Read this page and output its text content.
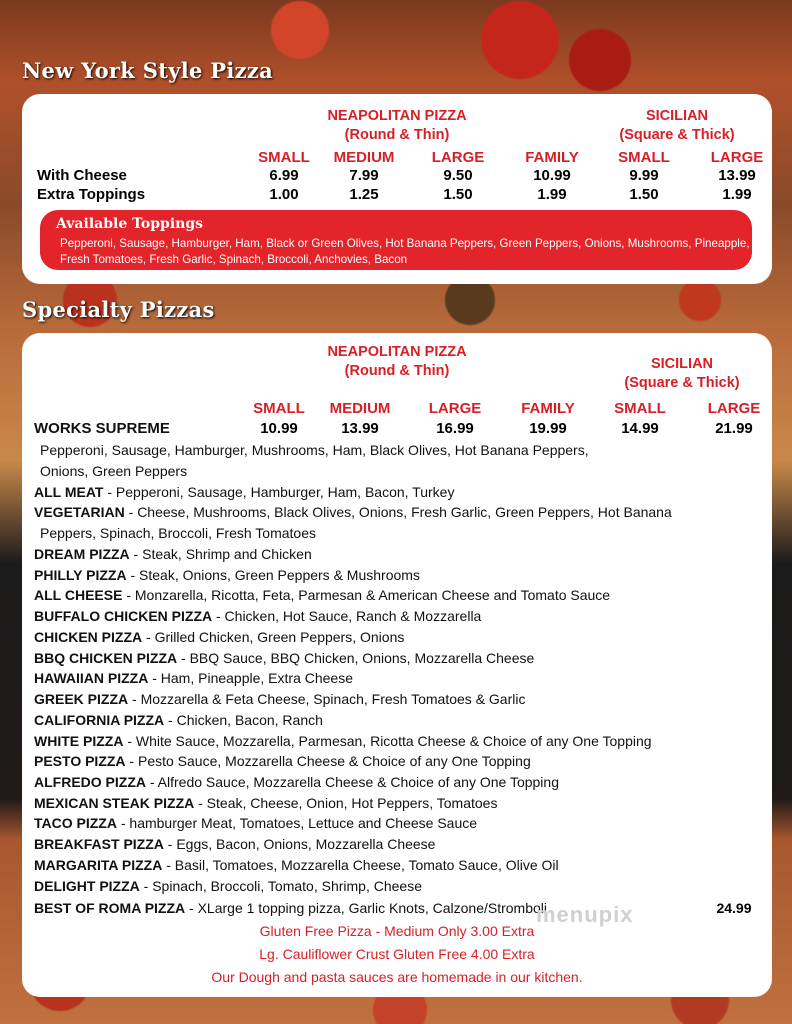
New York Style Pizza
NEAPOLITAN PIZZA
(Round & Thin)
SICILIAN
(Square & Thick)
SMALL	MEDIUM	LARGE	FAMILY	SMALL	LARGE
With Cheese	6.99	7.99	9.50	10.99	9.99	13.99
Extra Toppings	1.00	1.25	1.50	1.99	1.50	1.99
Available Toppings
Pepperoni, Sausage, Hamburger, Ham, Black or Green Olives, Hot Banana Peppers, Green Peppers, Onions, Mushrooms, Pineapple, Fresh Tomatoes, Fresh Garlic, Spinach, Broccoli, Anchovies, Bacon
Specialty Pizzas
NEAPOLITAN PIZZA
(Round & Thin)	SICILIAN
(Square & Thick)
SMALL	MEDIUM	LARGE	FAMILY	SMALL	LARGE
WORKS SUPREME	10.99	13.99	16.99	19.99	14.99	21.99
Pepperoni, Sausage, Hamburger, Mushrooms, Ham, Black Olives, Hot Banana Peppers,
Onions, Green Peppers
ALL MEAT - Pepperoni, Sausage, Hamburger, Ham, Bacon, Turkey
VEGETARIAN - Cheese, Mushrooms, Black Olives, Onions, Fresh Garlic, Green Peppers, Hot Banana
Peppers, Spinach, Broccoli, Fresh Tomatoes
DREAM PIZZA - Steak, Shrimp and Chicken
PHILLY PIZZA - Steak, Onions, Green Peppers & Mushrooms
ALL CHEESE - Monzarella, Ricotta, Feta, Parmesan & American Cheese and Tomato Sauce
BUFFALO CHICKEN PIZZA - Chicken, Hot Sauce, Ranch & Mozzarella
CHICKEN PIZZA - Grilled Chicken, Green Peppers, Onions
BBQ CHICKEN PIZZA - BBQ Sauce, BBQ Chicken, Onions, Mozzarella Cheese
HAWAIIAN PIZZA - Ham, Pineapple, Extra Cheese
GREEK PIZZA - Mozzarella & Feta Cheese, Spinach, Fresh Tomatoes & Garlic
CALIFORNIA PIZZA - Chicken, Bacon, Ranch
WHITE PIZZA - White Sauce, Mozzarella, Parmesan, Ricotta Cheese & Choice of any One Topping
PESTO PIZZA - Pesto Sauce, Mozzarella Cheese & Choice of any One Topping
ALFREDO PIZZA - Alfredo Sauce, Mozzarella Cheese & Choice of any One Topping
MEXICAN STEAK PIZZA - Steak, Cheese, Onion, Hot Peppers, Tomatoes
TACO PIZZA - hamburger Meat, Tomatoes, Lettuce and Cheese Sauce
BREAKFAST PIZZA - Eggs, Bacon, Onions, Mozzarella Cheese
MARGARITA PIZZA - Basil, Tomatoes, Mozzarella Cheese, Tomato Sauce, Olive Oil
DELIGHT PIZZA - Spinach, Broccoli, Tomato, Shrimp, Cheese
BEST OF ROMA PIZZA - XLarge 1 topping pizza, Garlic Knots, Calzone/Stromboli	24.99
Gluten Free Pizza - Medium Only 3.00 Extra
Lg. Cauliflower Crust Gluten Free 4.00 Extra
Our Dough and pasta sauces are homemade in our kitchen.
menupix
